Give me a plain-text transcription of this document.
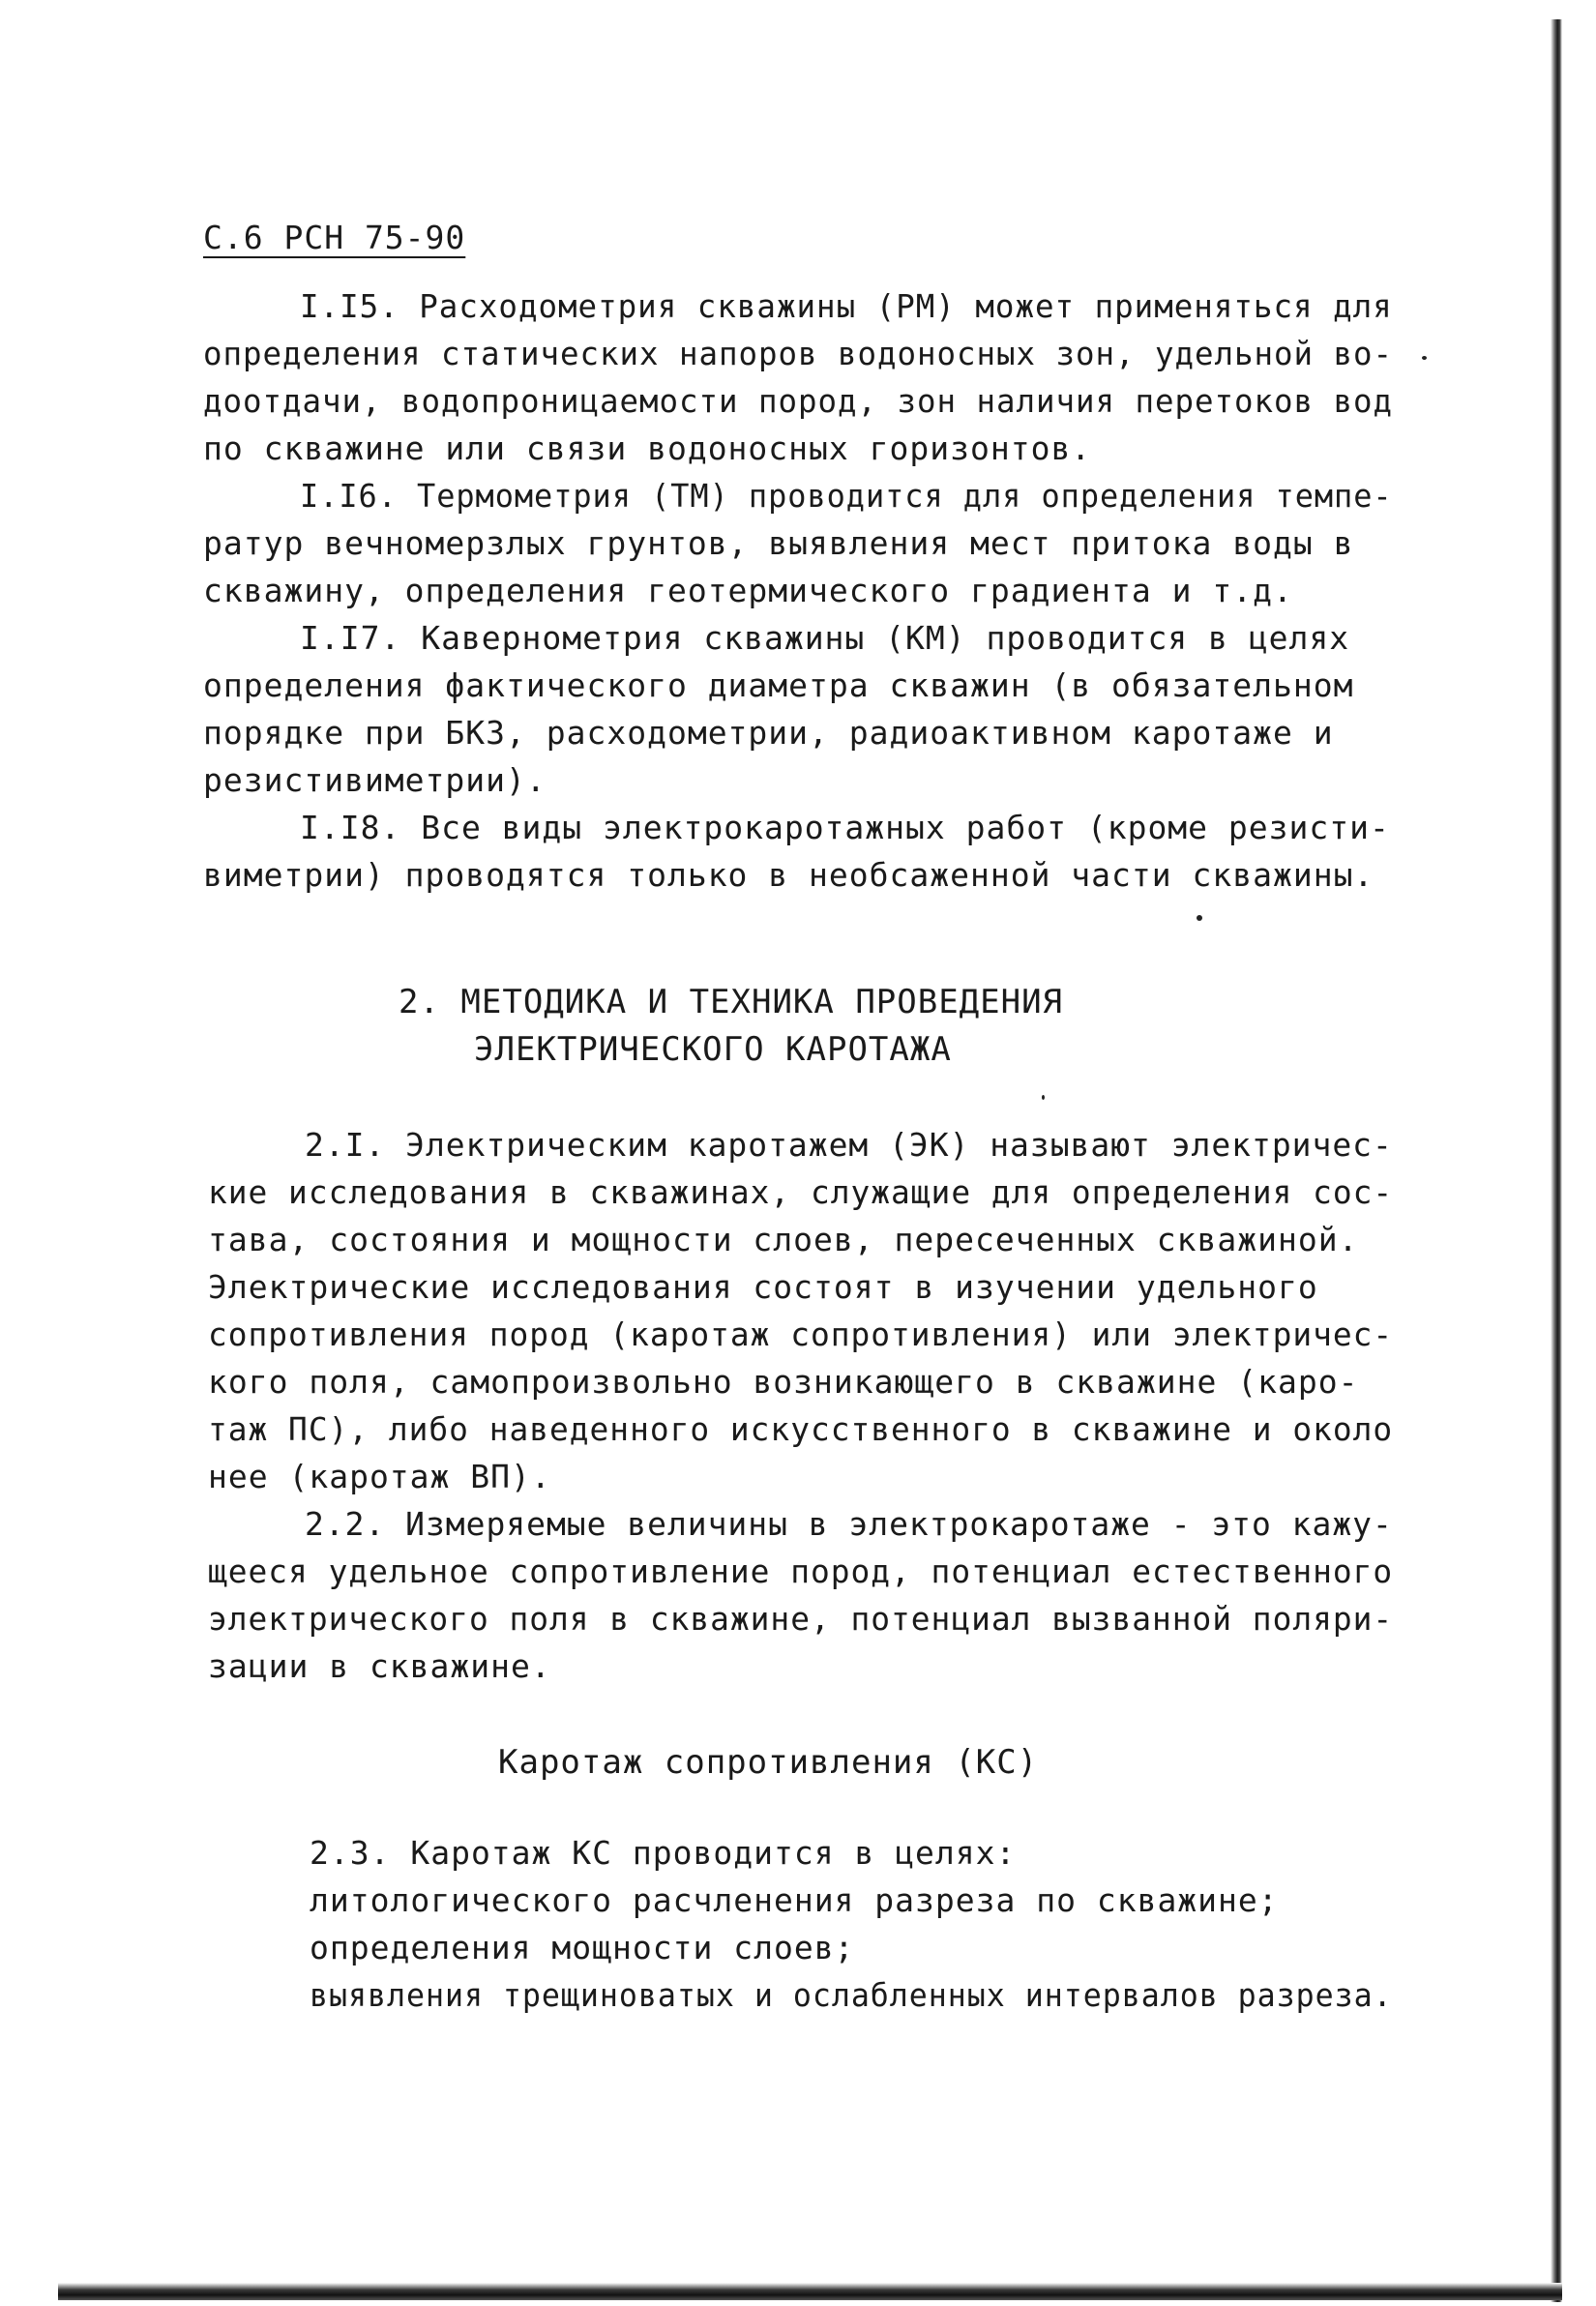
С.6 РСН 75-90
I.I5. Расходометрия скважины (РМ) может применяться для
определения статических напоров водоносных зон, удельной во-
доотдачи, водопроницаемости пород, зон наличия перетоков вод
по скважине или связи водоносных горизонтов.
I.I6. Термометрия (ТМ) проводится для определения темпе-
ратур вечномерзлых грунтов, выявления мест притока воды в
скважину, определения геотермического градиента и т.д.
I.I7. Кавернометрия скважины (КМ) проводится в целях
определения фактического диаметра скважин (в обязательном
порядке при БКЗ, расходометрии, радиоактивном каротаже и
резистивиметрии).
I.I8. Все виды электрокаротажных работ (кроме резисти-
виметрии) проводятся только в необсаженной части скважины.
2. МЕТОДИКА И ТЕХНИКА ПРОВЕДЕНИЯ
ЭЛЕКТРИЧЕСКОГО КАРОТАЖА
2.I. Электрическим каротажем (ЭК) называют электричес-
кие исследования в скважинах, служащие для определения сос-
тава, состояния и мощности слоев, пересеченных скважиной.
Электрические исследования состоят в изучении удельного
сопротивления пород (каротаж сопротивления) или электричес-
кого поля, самопроизвольно возникающего в скважине (каро-
таж ПС), либо наведенного искусственного в скважине и около
нее (каротаж ВП).
2.2. Измеряемые величины в электрокаротаже - это кажу-
щееся удельное сопротивление пород, потенциал естественного
электрического поля в скважине, потенциал вызванной поляри-
зации в скважине.
Каротаж сопротивления (КС)
2.3. Каротаж КС проводится в целях:
литологического расчленения разреза по скважине;
определения мощности слоев;
выявления трещиноватых и ослабленных интервалов разреза.
